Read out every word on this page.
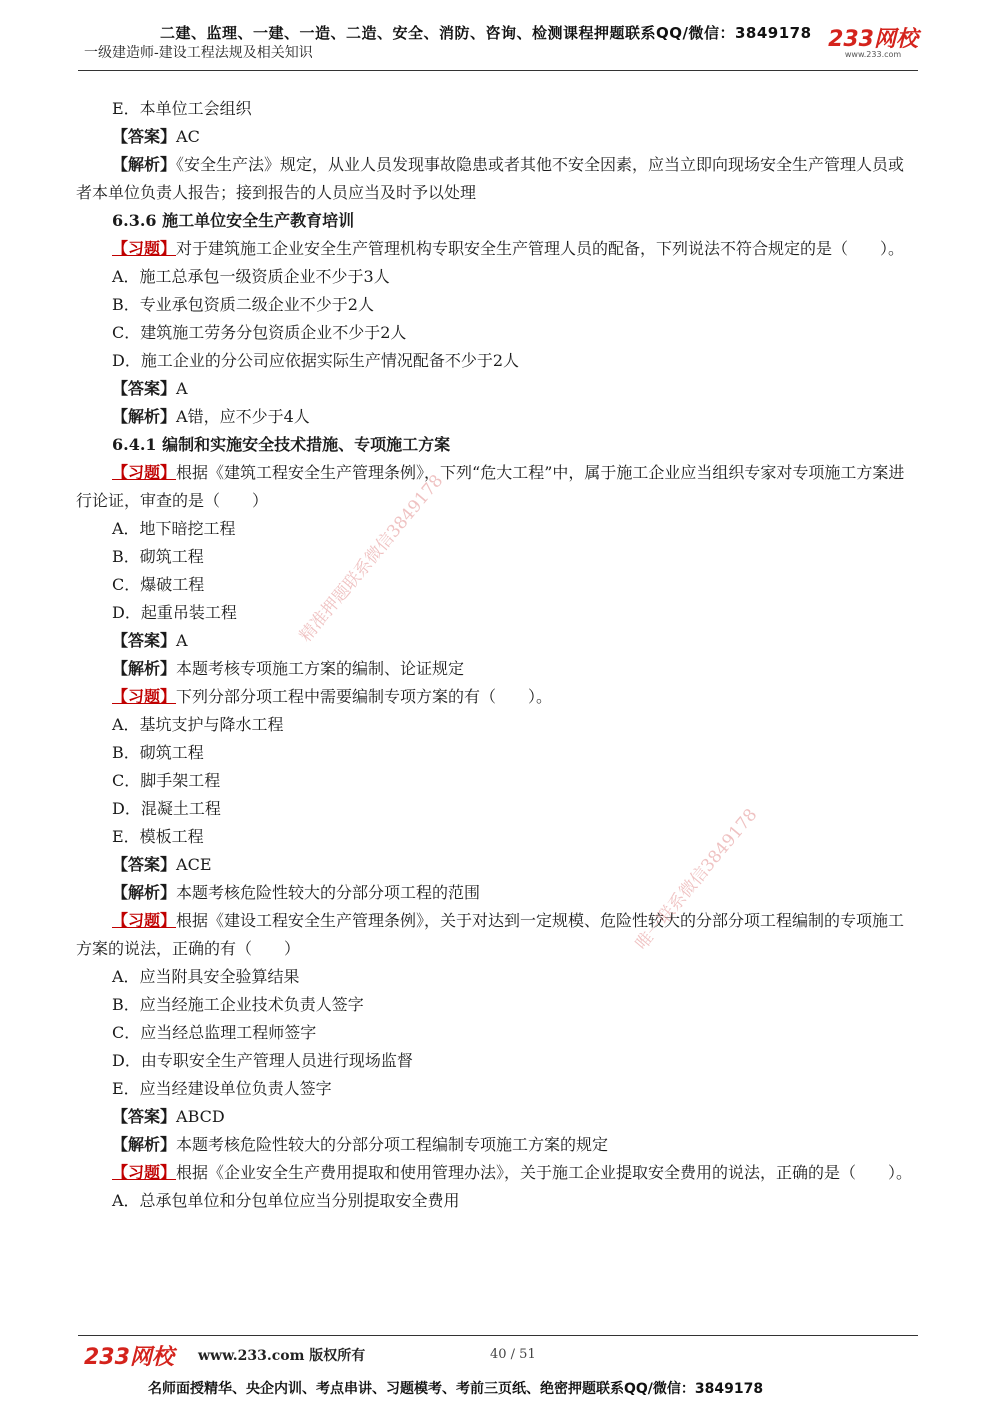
二建、监理、一建、一造、二造、安全、消防、咨询、检测课程押题联系QQ/微信：3849178
一级建造师-建设工程法规及相关知识
233网校
www.233.com
E．本单位工会组织
【答案】AC
【解析】《安全生产法》规定，从业人员发现事故隐患或者其他不安全因素，应当立即向现场安全生产管理人员或者本单位负责人报告；接到报告的人员应当及时予以处理
6.3.6 施工单位安全生产教育培训
【习题】对于建筑施工企业安全生产管理机构专职安全生产管理人员的配备，下列说法不符合规定的是（　　）。
A．施工总承包一级资质企业不少于3人
B．专业承包资质二级企业不少于2人
C．建筑施工劳务分包资质企业不少于2人
D．施工企业的分公司应依据实际生产情况配备不少于2人
【答案】A
【解析】A错，应不少于4人
6.4.1 编制和实施安全技术措施、专项施工方案
【习题】根据《建筑工程安全生产管理条例》，下列“危大工程”中，属于施工企业应当组织专家对专项施工方案进行论证，审查的是（　　）
A．地下暗挖工程
B．砌筑工程
C．爆破工程
D．起重吊装工程
【答案】A
【解析】本题考核专项施工方案的编制、论证规定
【习题】下列分部分项工程中需要编制专项方案的有（　　）。
A．基坑支护与降水工程
B．砌筑工程
C．脚手架工程
D．混凝土工程
E．模板工程
【答案】ACE
【解析】本题考核危险性较大的分部分项工程的范围
【习题】根据《建设工程安全生产管理条例》，关于对达到一定规模、危险性较大的分部分项工程编制的专项施工方案的说法，正确的有（　　）
A．应当附具安全验算结果
B．应当经施工企业技术负责人签字
C．应当经总监理工程师签字
D．由专职安全生产管理人员进行现场监督
E．应当经建设单位负责人签字
【答案】ABCD
【解析】本题考核危险性较大的分部分项工程编制专项施工方案的规定
【习题】根据《企业安全生产费用提取和使用管理办法》，关于施工企业提取安全费用的说法，正确的是（　　）。
A．总承包单位和分包单位应当分别提取安全费用
精准押题联系微信3849178
唯一联系微信3849178
233网校 www.233.com 版权所有	40 / 51
名师面授精华、央企内训、考点串讲、习题模考、考前三页纸、绝密押题联系QQ/微信：3849178
